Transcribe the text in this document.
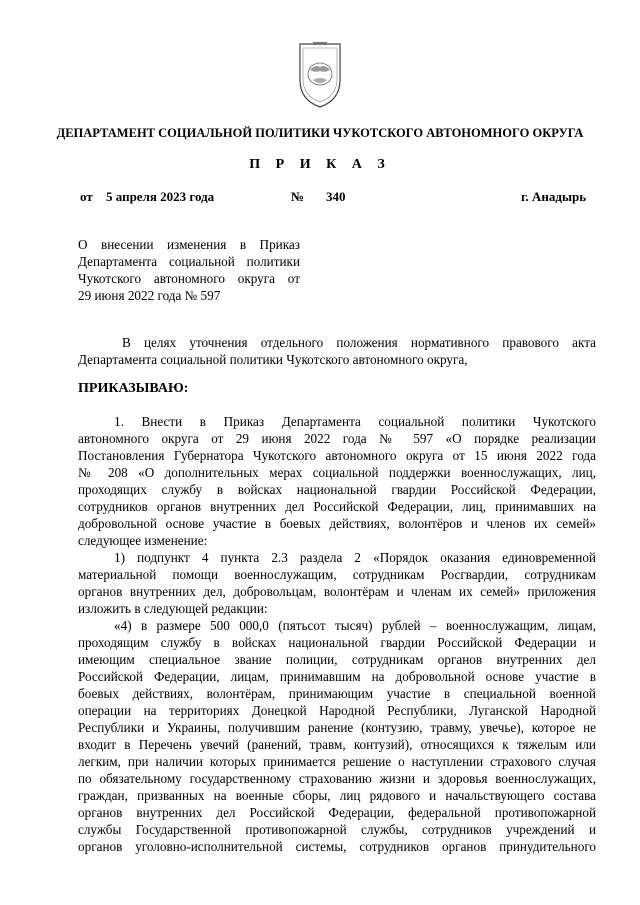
ДЕПАРТАМЕНТ СОЦИАЛЬНОЙ ПОЛИТИКИ ЧУКОТСКОГО АВТОНОМНОГО ОКРУГА
П Р И К А З
от 5 апреля 2023 года	№ 340	г. Анадырь
О внесении изменения в Приказ
Департамента социальной политики
Чукотского автономного округа от
29 июня 2022 года № 597
В целях уточнения отдельного положения нормативного правового акта
Департамента социальной политики Чукотского автономного округа,
ПРИКАЗЫВАЮ:
1. Внести в Приказ Департамента социальной политики Чукотского
автономного округа от 29 июня 2022 года № 597 «О порядке реализации
Постановления Губернатора Чукотского автономного округа от 15 июня 2022 года
№ 208 «О дополнительных мерах социальной поддержки военнослужащих, лиц,
проходящих службу в войсках национальной гвардии Российской Федерации,
сотрудников органов внутренних дел Российской Федерации, лиц, принимавших на
добровольной основе участие в боевых действиях, волонтёров и членов их семей»
следующее изменение:
1) подпункт 4 пункта 2.3 раздела 2 «Порядок оказания единовременной
материальной помощи военнослужащим, сотрудникам Росгвардии, сотрудникам
органов внутренних дел, добровольцам, волонтёрам и членам их семей» приложения
изложить в следующей редакции:
«4) в размере 500 000,0 (пятьсот тысяч) рублей – военнослужащим, лицам,
проходящим службу в войсках национальной гвардии Российской Федерации и
имеющим специальное звание полиции, сотрудникам органов внутренних дел
Российской Федерации, лицам, принимавшим на добровольной основе участие в
боевых действиях, волонтёрам, принимающим участие в специальной военной
операции на территориях Донецкой Народной Республики, Луганской Народной
Республики и Украины, получившим ранение (контузию, травму, увечье), которое не
входит в Перечень увечий (ранений, травм, контузий), относящихся к тяжелым или
легким, при наличии которых принимается решение о наступлении страхового случая
по обязательному государственному страхованию жизни и здоровья военнослужащих,
граждан, призванных на военные сборы, лиц рядового и начальствующего состава
органов внутренних дел Российской Федерации, федеральной противопожарной
службы Государственной противопожарной службы, сотрудников учреждений и
органов уголовно-исполнительной системы, сотрудников органов принудительного
